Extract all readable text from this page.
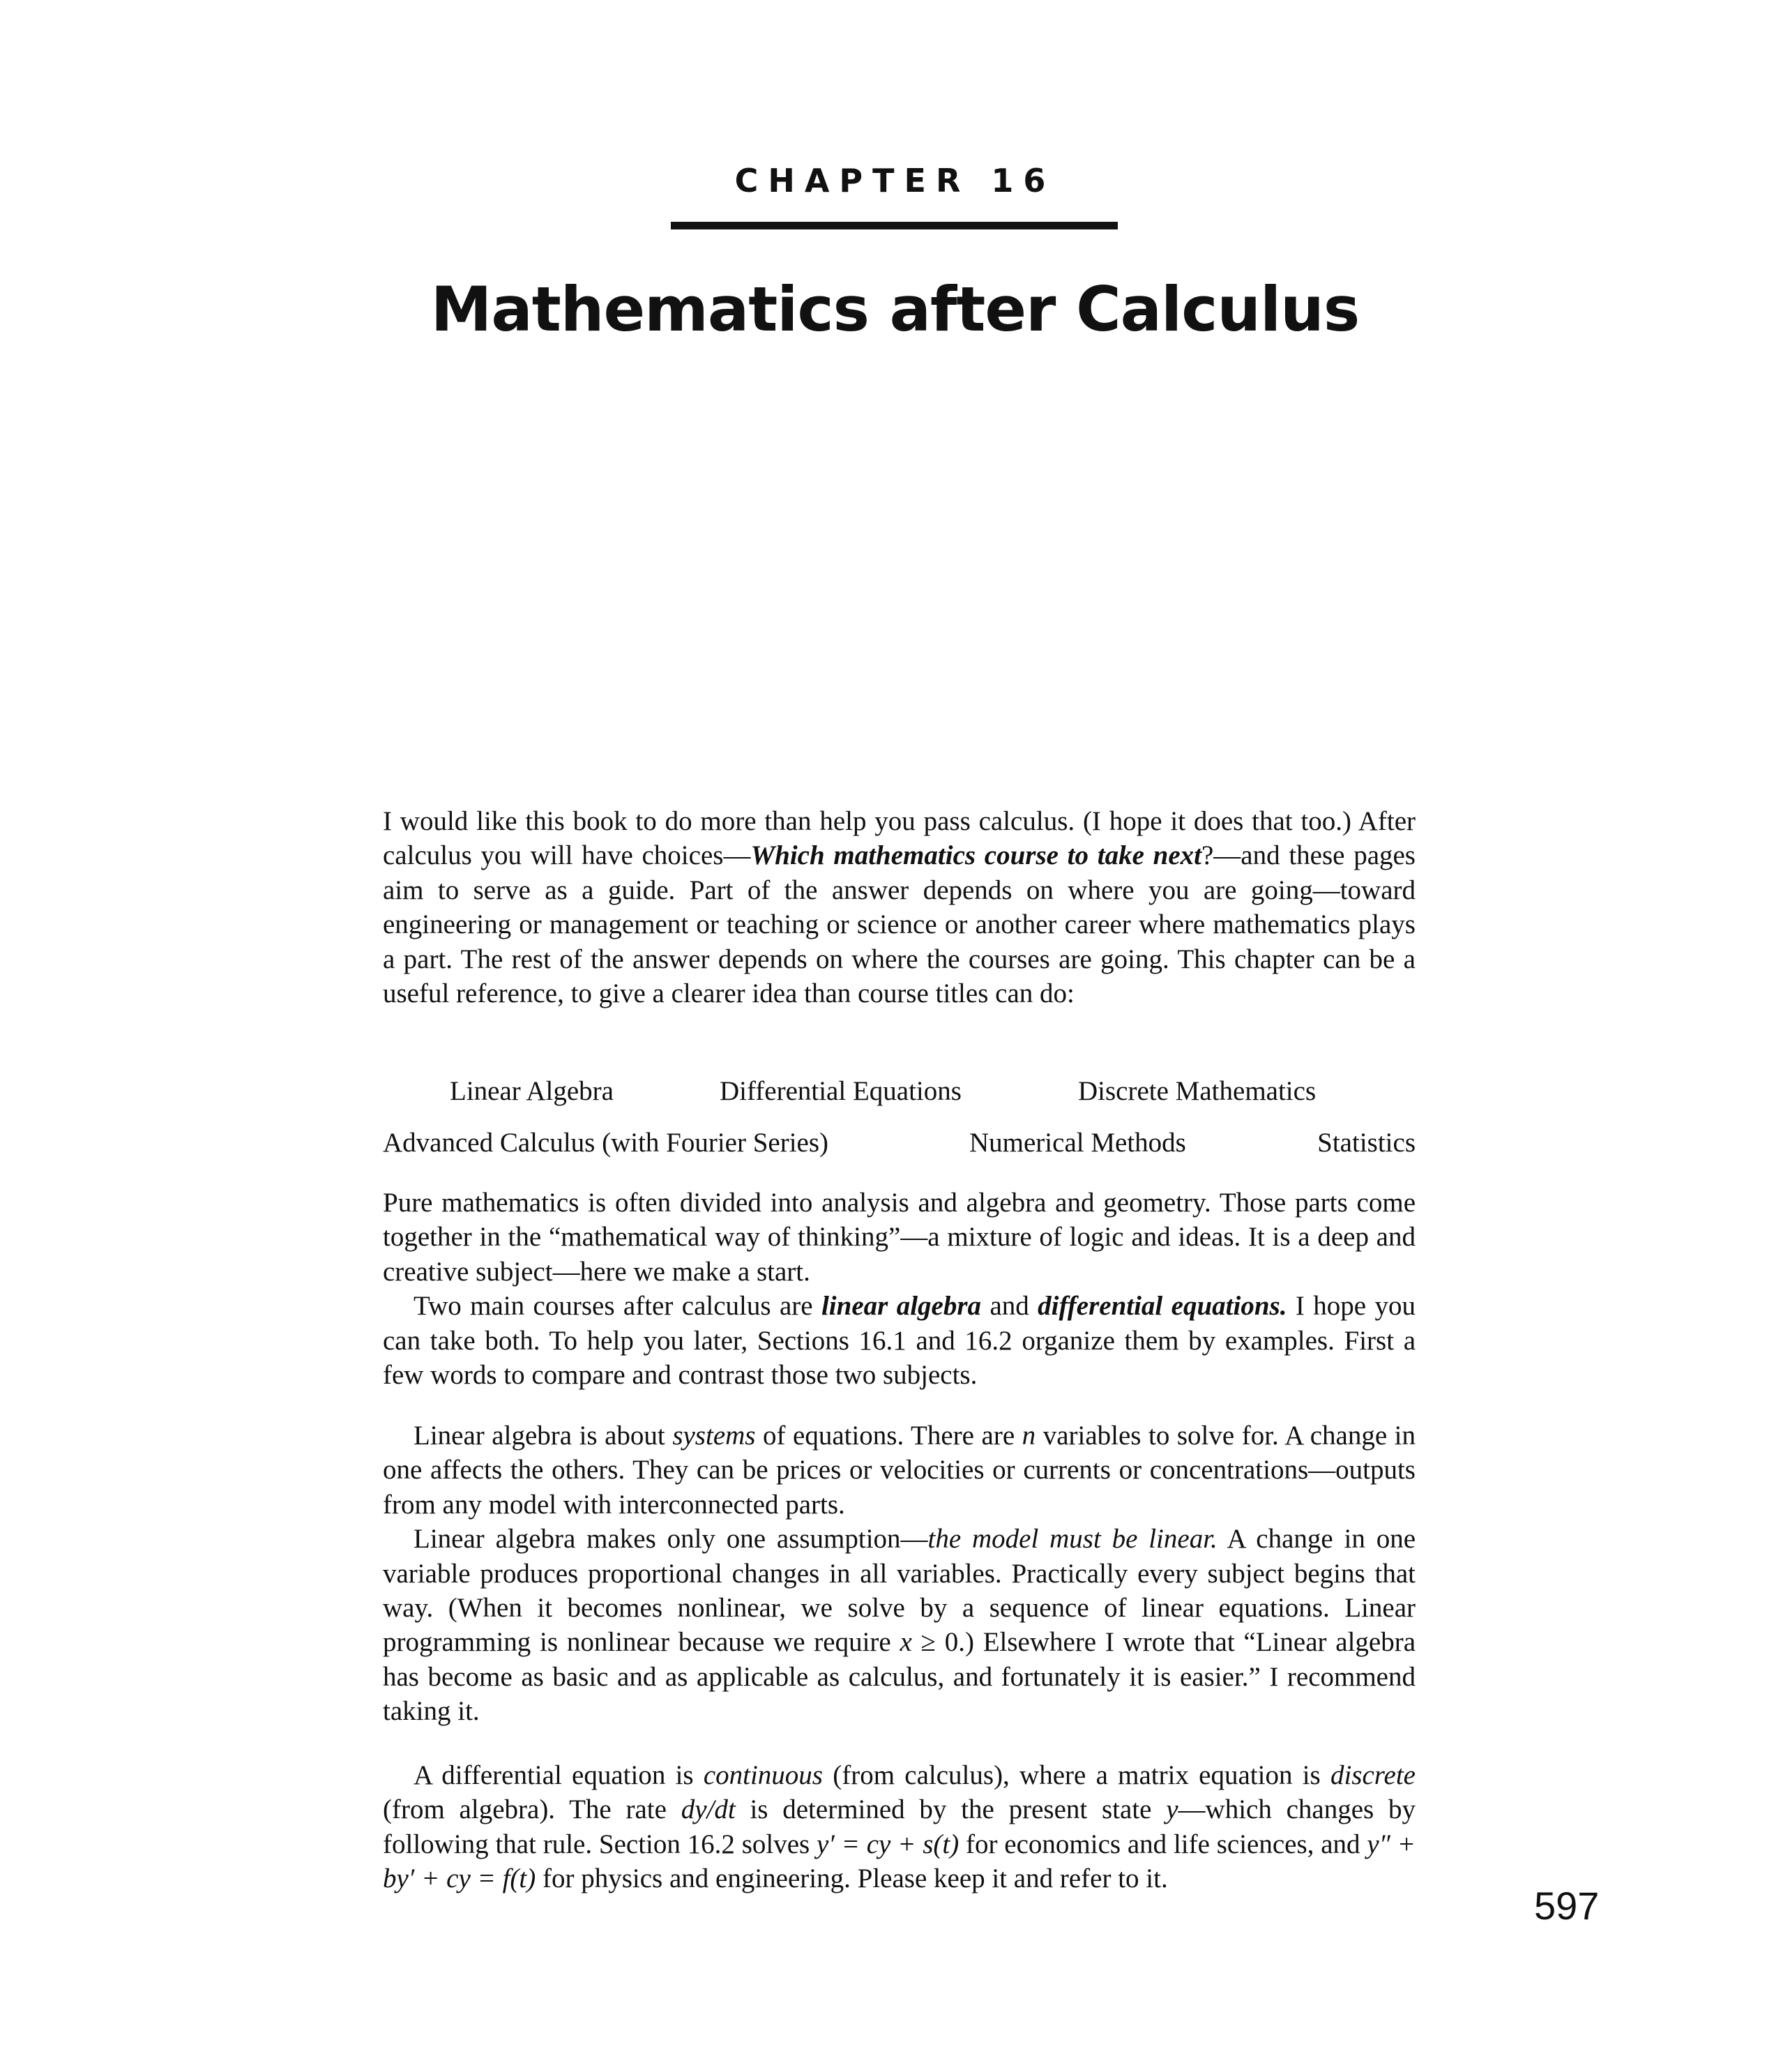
CHAPTER 16
Mathematics after Calculus

I would like this book to do more than help you pass calculus. (I hope it does that too.) After calculus you will have choices—Which mathematics course to take next?—and these pages aim to serve as a guide. Part of the answer depends on where you are going—toward engineering or management or teaching or science or another career where mathematics plays a part. The rest of the answer depends on where the courses are going. This chapter can be a useful reference, to give a clearer idea than course titles can do:

Linear Algebra	Differential Equations	Discrete Mathematics
Advanced Calculus (with Fourier Series)	Numerical Methods	Statistics

Pure mathematics is often divided into analysis and algebra and geometry. Those parts come together in the “mathematical way of thinking”—a mixture of logic and ideas. It is a deep and creative subject—here we make a start.

Two main courses after calculus are linear algebra and differential equations. I hope you can take both. To help you later, Sections 16.1 and 16.2 organize them by examples. First a few words to compare and contrast those two subjects.

Linear algebra is about systems of equations. There are n variables to solve for. A change in one affects the others. They can be prices or velocities or currents or concentrations—outputs from any model with interconnected parts.

Linear algebra makes only one assumption—the model must be linear. A change in one variable produces proportional changes in all variables. Practically every subject begins that way. (When it becomes nonlinear, we solve by a sequence of linear equations. Linear programming is nonlinear because we require x ≥ 0.) Elsewhere I wrote that “Linear algebra has become as basic and as applicable as calculus, and fortunately it is easier.” I recommend taking it.

A differential equation is continuous (from calculus), where a matrix equation is discrete (from algebra). The rate dy/dt is determined by the present state y—which changes by following that rule. Section 16.2 solves y′ = cy + s(t) for economics and life sciences, and y″ + by′ + cy = f(t) for physics and engineering. Please keep it and refer to it.

597
